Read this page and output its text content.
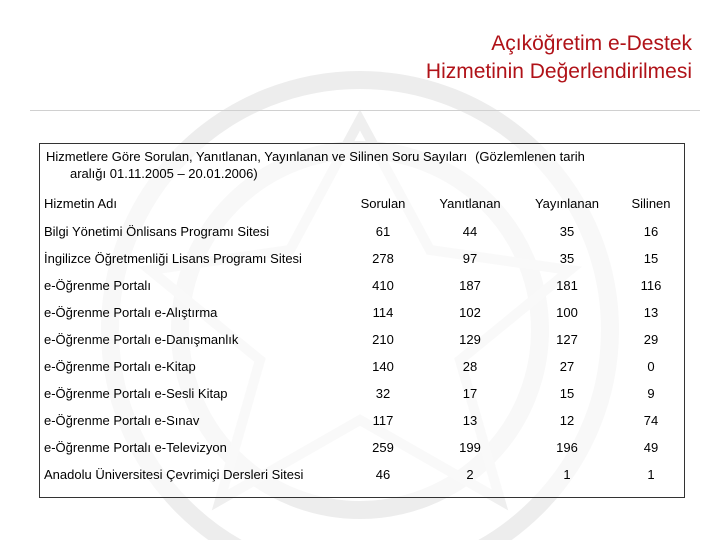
Açıköğretim e-Destek
Hizmetinin Değerlendirilmesi
Hizmetlere Göre Sorulan, Yanıtlanan, Yayınlanan ve Silinen Soru Sayıları (Gözlemlenen tarih
aralığı 01.11.2005 – 20.01.2006)
Hizmetin Adı	Sorulan	Yanıtlanan	Yayınlanan	Silinen
Bilgi Yönetimi Önlisans Programı Sitesi	61	44	35	16
İngilizce Öğretmenliği Lisans Programı Sitesi	278	97	35	15
e-Öğrenme Portalı	410	187	181	116
e-Öğrenme Portalı e-Alıştırma	114	102	100	13
e-Öğrenme Portalı e-Danışmanlık	210	129	127	29
e-Öğrenme Portalı e-Kitap	140	28	27	0
e-Öğrenme Portalı e-Sesli Kitap	32	17	15	9
e-Öğrenme Portalı e-Sınav	117	13	12	74
e-Öğrenme Portalı e-Televizyon	259	199	196	49
Anadolu Üniversitesi Çevrimiçi Dersleri Sitesi	46	2	1	1
